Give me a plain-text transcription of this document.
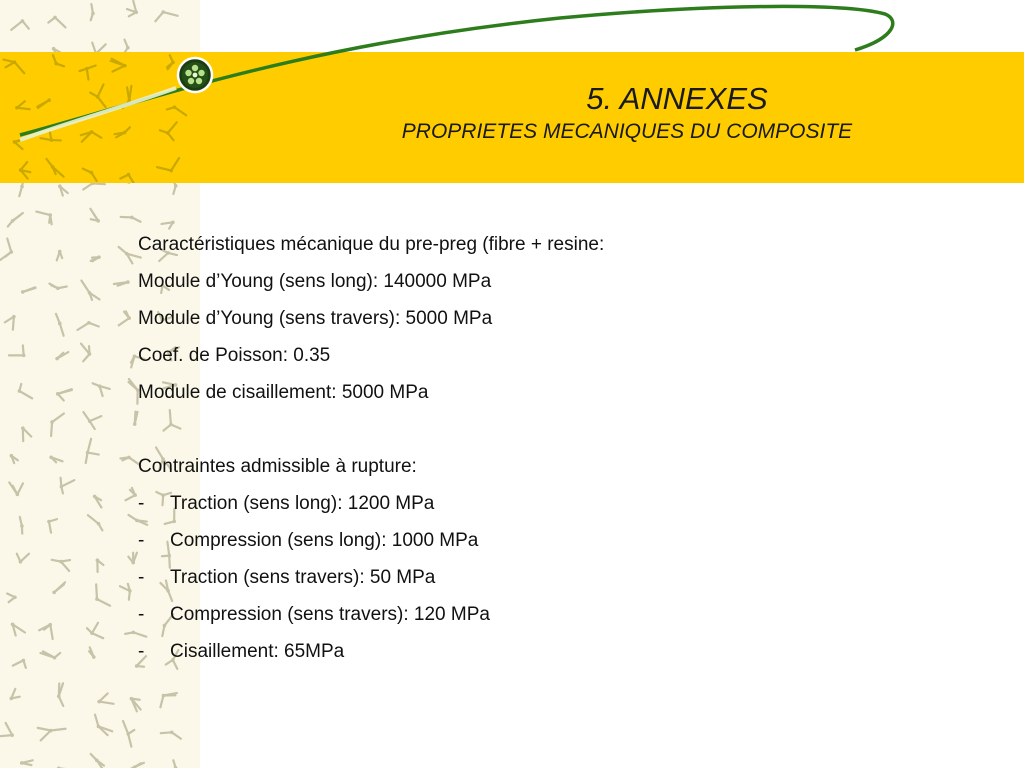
5. ANNEXES
PROPRIETES MECANIQUES DU COMPOSITE
Caractéristiques mécanique du pre-preg (fibre + resine:
Module d’Young (sens long): 140000 MPa
Module d’Young (sens travers): 5000 MPa
Coef. de Poisson: 0.35
Module de cisaillement: 5000 MPa
Contraintes admissible à rupture:
-	Traction (sens long): 1200 MPa
-	Compression (sens long): 1000 MPa
-	Traction (sens travers): 50 MPa
-	Compression (sens travers): 120 MPa
-	Cisaillement: 65MPa
